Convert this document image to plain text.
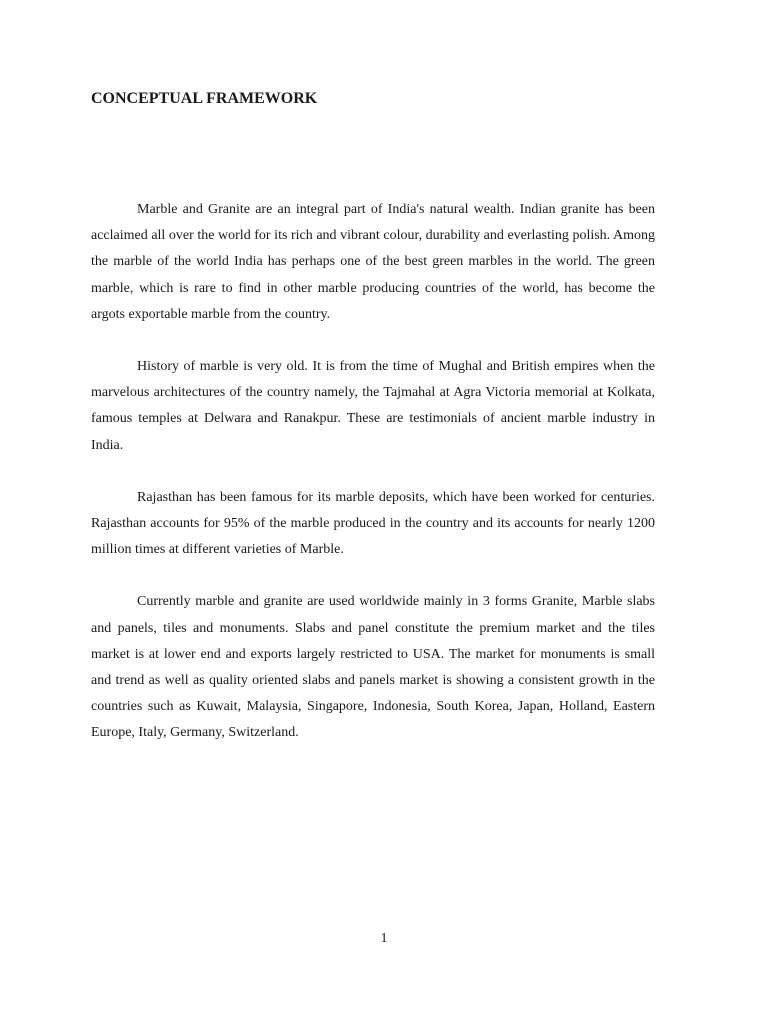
CONCEPTUAL FRAMEWORK

Marble and Granite are an integral part of India's natural wealth. Indian granite has been acclaimed all over the world for its rich and vibrant colour, durability and everlasting polish. Among the marble of the world India has perhaps one of the best green marbles in the world. The green marble, which is rare to find in other marble producing countries of the world, has become the argots exportable marble from the country.

History of marble is very old. It is from the time of Mughal and British empires when the marvelous architectures of the country namely, the Tajmahal at Agra Victoria memorial at Kolkata, famous temples at Delwara and Ranakpur. These are testimonials of ancient marble industry in India.

Rajasthan has been famous for its marble deposits, which have been worked for centuries. Rajasthan accounts for 95% of the marble produced in the country and its accounts for nearly 1200 million times at different varieties of Marble.

Currently marble and granite are used worldwide mainly in 3 forms Granite, Marble slabs and panels, tiles and monuments. Slabs and panel constitute the premium market and the tiles market is at lower end and exports largely restricted to USA. The market for monuments is small and trend as well as quality oriented slabs and panels market is showing a consistent growth in the countries such as Kuwait, Malaysia, Singapore, Indonesia, South Korea, Japan, Holland, Eastern Europe, Italy, Germany, Switzerland.

1
